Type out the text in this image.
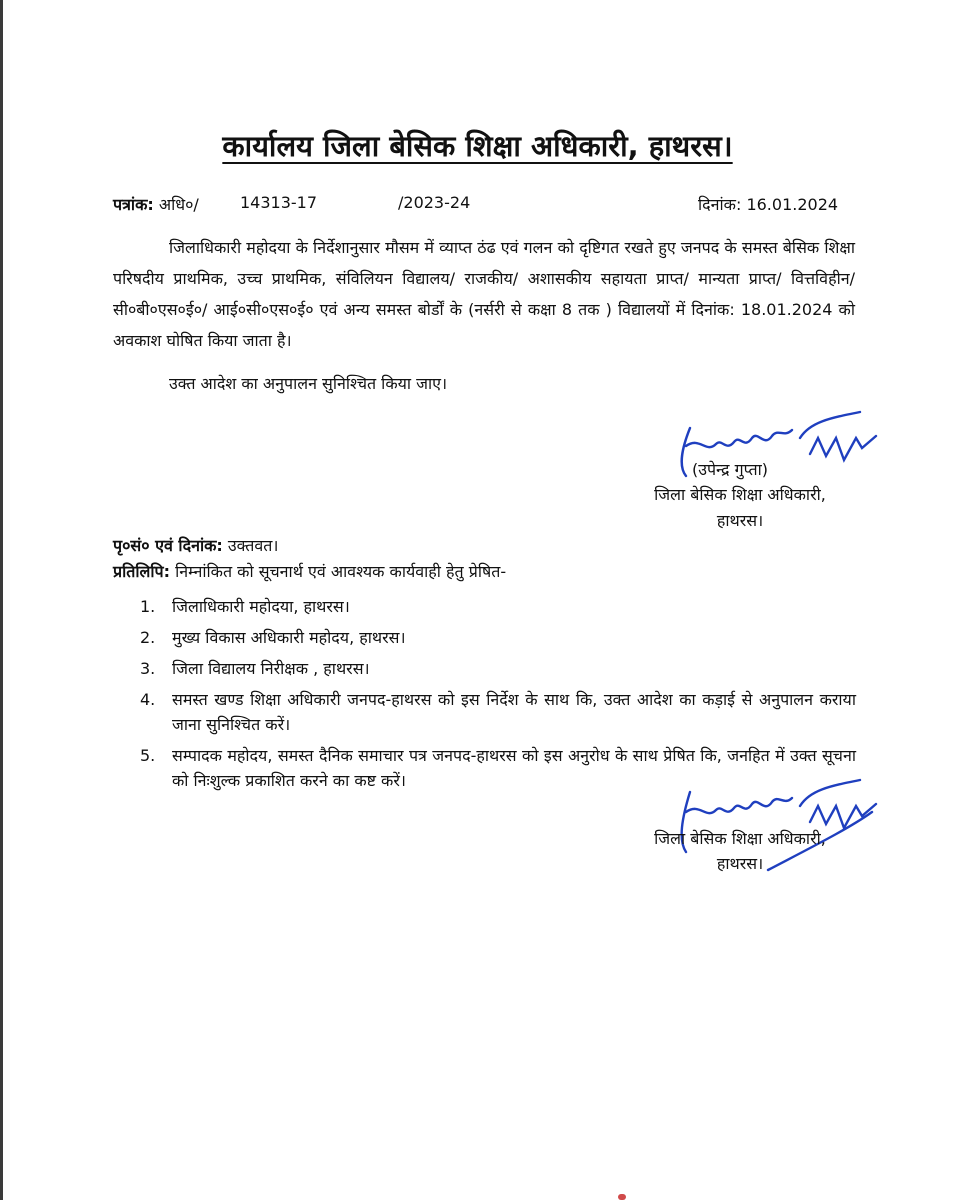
कार्यालय जिला बेसिक शिक्षा अधिकारी, हाथरस।
पत्रांक: अधि०/	14313-17	/2023-24	दिनांक: 16.01.2024
जिलाधिकारी महोदया के निर्देशानुसार मौसम में व्याप्त ठंढ एवं गलन को दृष्टिगत रखते हुए जनपद के समस्त बेसिक शिक्षा परिषदीय प्राथमिक, उच्च प्राथमिक, संविलियन विद्यालय/ राजकीय/ अशासकीय सहायता प्राप्त/ मान्यता प्राप्त/ वित्तविहीन/ सी०बी०एस०ई०/ आई०सी०एस०ई० एवं अन्य समस्त बोर्डों के (नर्सरी से कक्षा 8 तक ) विद्यालयों में दिनांक: 18.01.2024 को अवकाश घोषित किया जाता है।
उक्त आदेश का अनुपालन सुनिश्चित किया जाए।
(उपेन्द्र गुप्ता)
जिला बेसिक शिक्षा अधिकारी,
हाथरस।
पृ०सं० एवं दिनांक: उक्तवत।
प्रतिलिपि: निम्नांकित को सूचनार्थ एवं आवश्यक कार्यवाही हेतु प्रेषित-
1. जिलाधिकारी महोदया, हाथरस।
2. मुख्य विकास अधिकारी महोदय, हाथरस।
3. जिला विद्यालय निरीक्षक , हाथरस।
4. समस्त खण्ड शिक्षा अधिकारी जनपद-हाथरस को इस निर्देश के साथ कि, उक्त आदेश का कड़ाई से अनुपालन कराया जाना सुनिश्चित करें।
5. सम्पादक महोदय, समस्त दैनिक समाचार पत्र जनपद-हाथरस को इस अनुरोध के साथ प्रेषित कि, जनहित में उक्त सूचना को निःशुल्क प्रकाशित करने का कष्ट करें।
जिला बेसिक शिक्षा अधिकारी,
हाथरस।
